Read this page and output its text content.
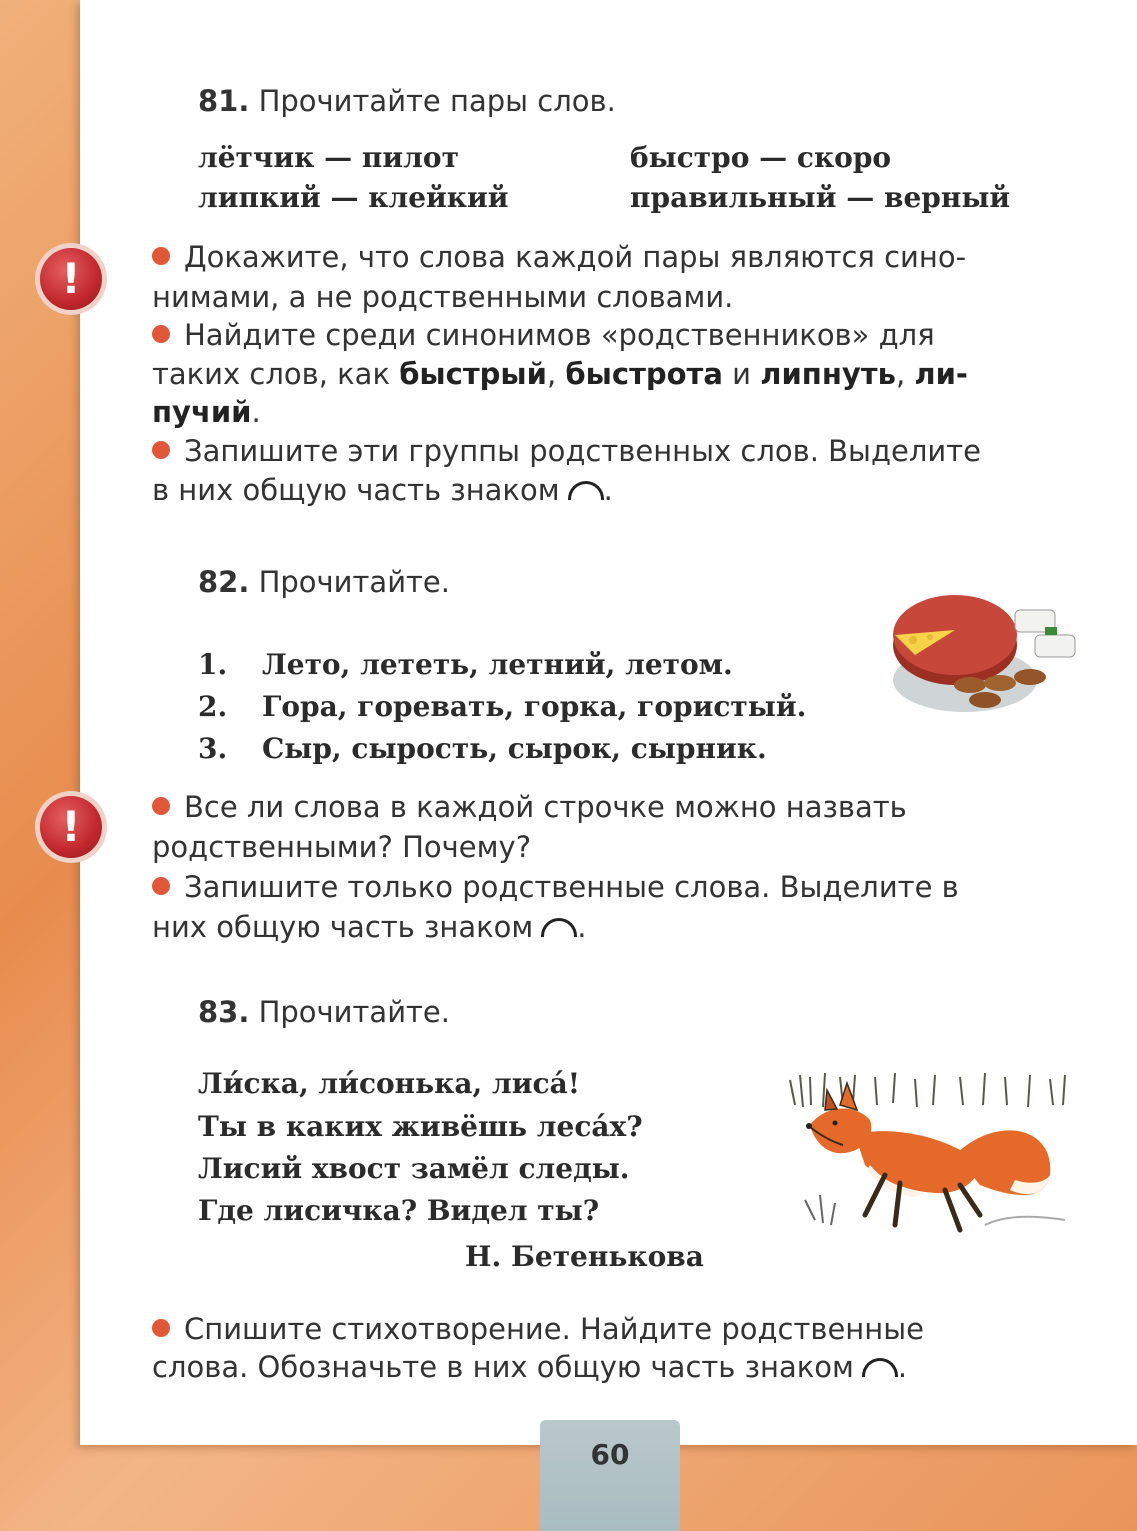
81. Прочитайте пары слов.
лётчик — пилот	быстро — скоро
липкий — клейкий	правильный — верный
!	Докажите, что слова каждой пары являются сино-
нимами, а не родственными словами.
Найдите среди синонимов «родственников» для
таких слов, как быстрый, быстрота и липнуть, ли-
пучий.
Запишите эти группы родственных слов. Выделите
в них общую часть знаком .
82. Прочитайте.
1. Лето, лететь, летний, летом.
2. Гора, горевать, горка, гористый.
3. Сыр, сырость, сырок, сырник.
!	Все ли слова в каждой строчке можно назвать
родственными? Почему?
Запишите только родственные слова. Выделите в
них общую часть знаком .
83. Прочитайте.
Ли́ска, ли́сонька, лиса́!
Ты в каких живёшь леса́х?
Лисий хвост замёл следы.
Где лисичка? Видел ты?
Н. Бетенькова
Спишите стихотворение. Найдите родственные
слова. Обозначьте в них общую часть знаком .
60
